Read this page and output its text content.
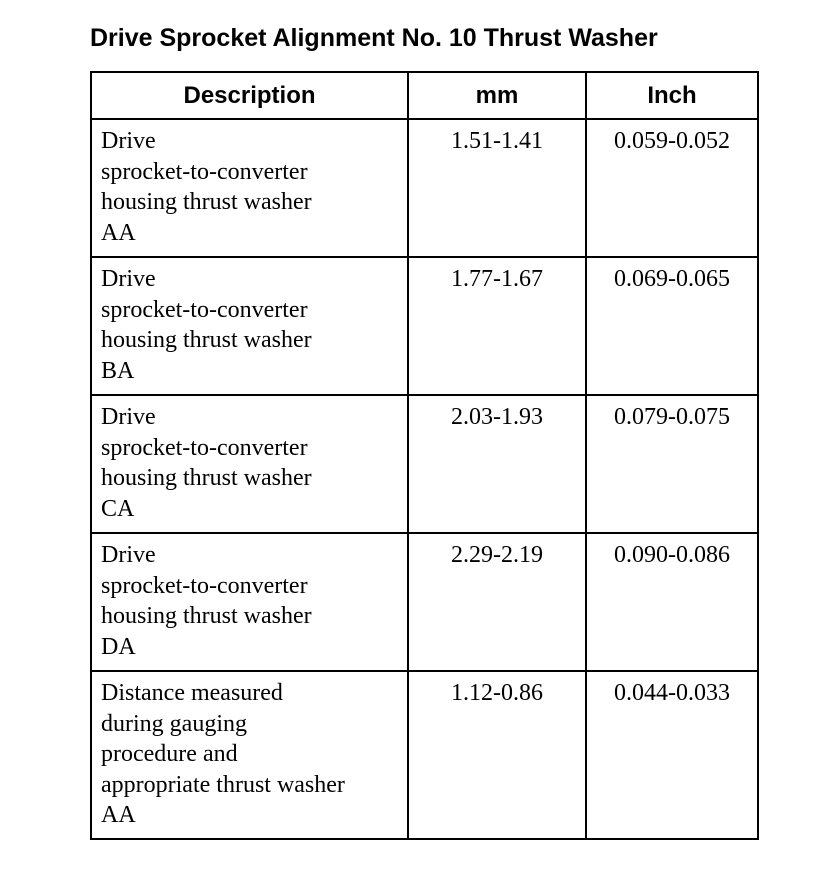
Drive Sprocket Alignment No. 10 Thrust Washer
Description	mm	Inch

Drive
sprocket-to-converter
housing thrust washer
AA	1.51-1.41	0.059-0.052

Drive
sprocket-to-converter
housing thrust washer
BA	1.77-1.67	0.069-0.065

Drive
sprocket-to-converter
housing thrust washer
CA	2.03-1.93	0.079-0.075

Drive
sprocket-to-converter
housing thrust washer
DA	2.29-2.19	0.090-0.086

Distance measured
during gauging
procedure and
appropriate thrust washer
AA	1.12-0.86	0.044-0.033
